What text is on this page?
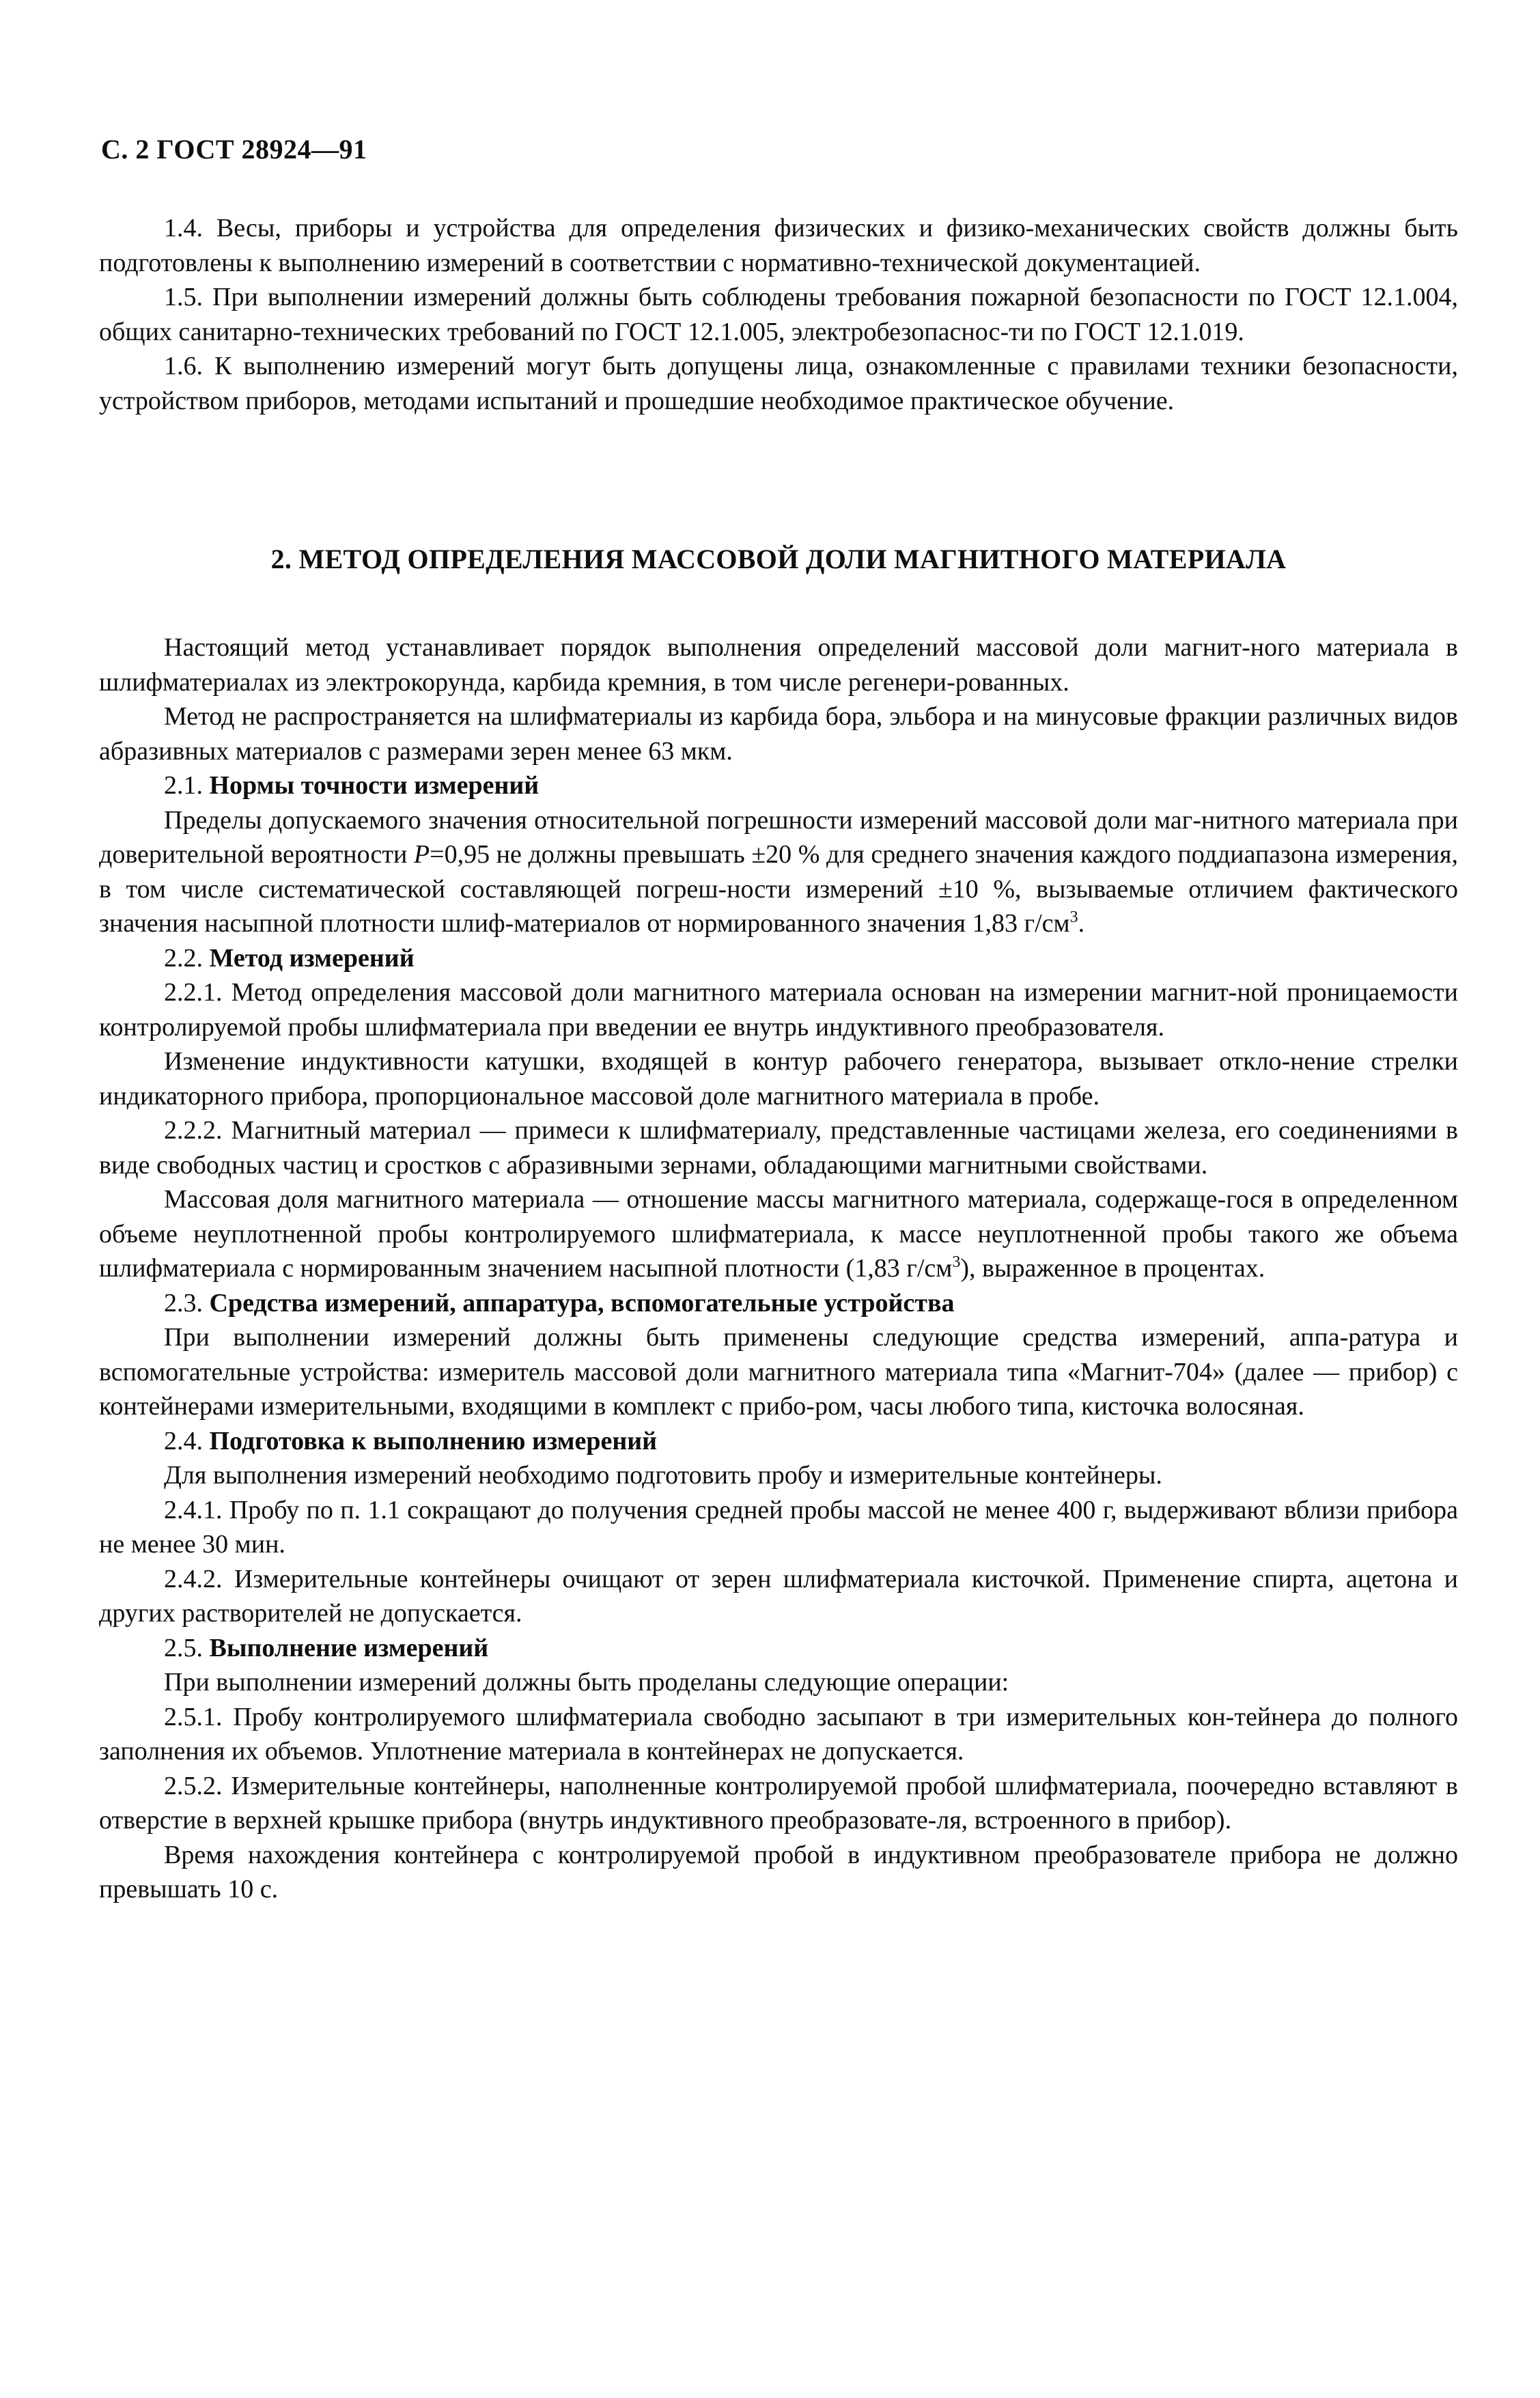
С. 2 ГОСТ 28924—91

1.4. Весы, приборы и устройства для определения физических и физико-механических свойств должны быть подготовлены к выполнению измерений в соответствии с нормативно-технической документацией.

1.5. При выполнении измерений должны быть соблюдены требования пожарной безопасности по ГОСТ 12.1.004, общих санитарно-технических требований по ГОСТ 12.1.005, электробезопаснос-ти по ГОСТ 12.1.019.

1.6. К выполнению измерений могут быть допущены лица, ознакомленные с правилами техники безопасности, устройством приборов, методами испытаний и прошедшие необходимое практическое обучение.

2. МЕТОД ОПРЕДЕЛЕНИЯ МАССОВОЙ ДОЛИ МАГНИТНОГО МАТЕРИАЛА

Настоящий метод устанавливает порядок выполнения определений массовой доли магнит-ного материала в шлифматериалах из электрокорунда, карбида кремния, в том числе регенери-рованных.

Метод не распространяется на шлифматериалы из карбида бора, эльбора и на минусовые фракции различных видов абразивных материалов с размерами зерен менее 63 мкм.

2.1. Нормы точности измерений

Пределы допускаемого значения относительной погрешности измерений массовой доли маг-нитного материала при доверительной вероятности P=0,95 не должны превышать ±20 % для среднего значения каждого поддиапазона измерения, в том числе систематической составляющей погреш-ности измерений ±10 %, вызываемые отличием фактического значения насыпной плотности шлиф-материалов от нормированного значения 1,83 $г/см^3$.

2.2. Метод измерений

2.2.1. Метод определения массовой доли магнитного материала основан на измерении магнит-ной проницаемости контролируемой пробы шлифматериала при введении ее внутрь индуктивного преобразователя.

Изменение индуктивности катушки, входящей в контур рабочего генератора, вызывает откло-нение стрелки индикаторного прибора, пропорциональное массовой доле магнитного материала в пробе.

2.2.2. Магнитный материал — примеси к шлифматериалу, представленные частицами железа, его соединениями в виде свободных частиц и сростков с абразивными зернами, обладающими магнитными свойствами.

Массовая доля магнитного материала — отношение массы магнитного материала, содержаще-гося в определенном объеме неуплотненной пробы контролируемого шлифматериала, к массе неуплотненной пробы такого же объема шлифматериала с нормированным значением насыпной плотности (1,83 $г/см^3$), выраженное в процентах.

2.3. Средства измерений, аппаратура, вспомогательные устройства

При выполнении измерений должны быть применены следующие средства измерений, аппа-ратура и вспомогательные устройства: измеритель массовой доли магнитного материала типа «Магнит-704» (далее — прибор) с контейнерами измерительными, входящими в комплект с прибо-ром, часы любого типа, кисточка волосяная.

2.4. Подготовка к выполнению измерений

Для выполнения измерений необходимо подготовить пробу и измерительные контейнеры.

2.4.1. Пробу по п. 1.1 сокращают до получения средней пробы массой не менее 400 г, выдерживают вблизи прибора не менее 30 мин.

2.4.2. Измерительные контейнеры очищают от зерен шлифматериала кисточкой. Применение спирта, ацетона и других растворителей не допускается.

2.5. Выполнение измерений

При выполнении измерений должны быть проделаны следующие операции:

2.5.1. Пробу контролируемого шлифматериала свободно засыпают в три измерительных кон-тейнера до полного заполнения их объемов. Уплотнение материала в контейнерах не допускается.

2.5.2. Измерительные контейнеры, наполненные контролируемой пробой шлифматериала, поочередно вставляют в отверстие в верхней крышке прибора (внутрь индуктивного преобразовате-ля, встроенного в прибор).

Время нахождения контейнера с контролируемой пробой в индуктивном преобразователе прибора не должно превышать 10 с.
